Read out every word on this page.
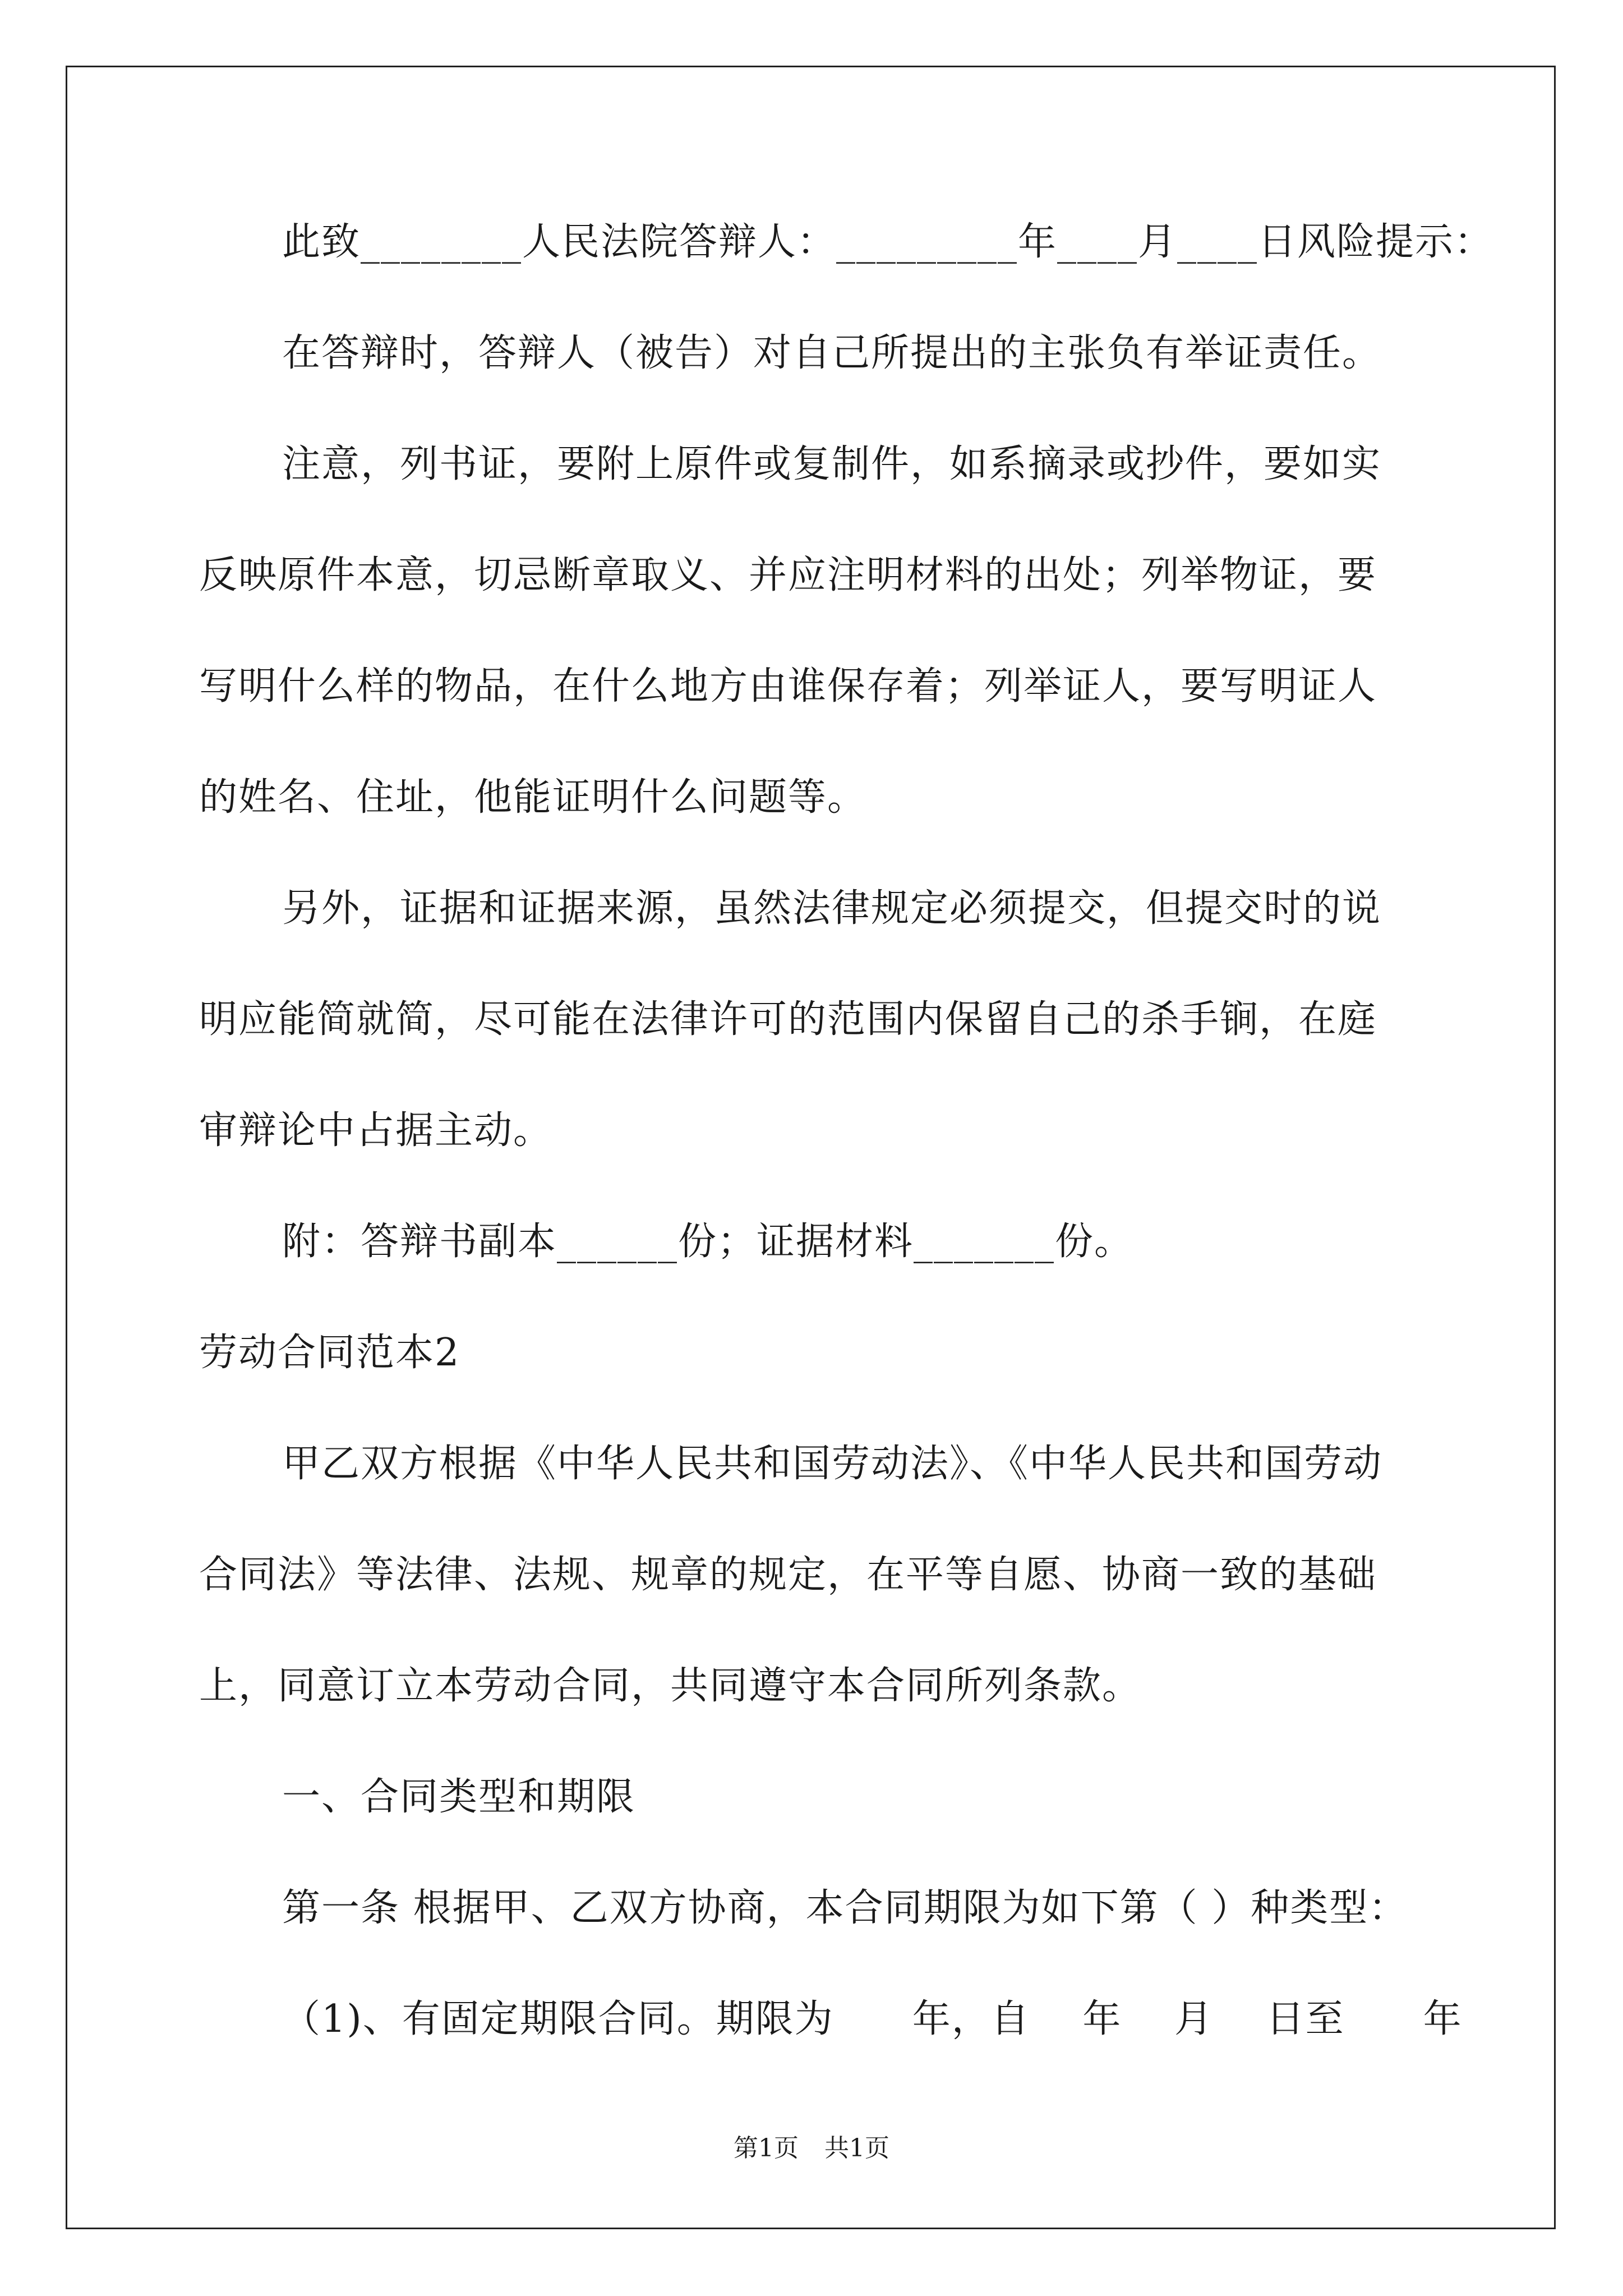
此致________人民法院答辩人：_________年____月____日风险提示：
在答辩时，答辩人（被告）对自己所提出的主张负有举证责任。
注意，列书证，要附上原件或复制件，如系摘录或抄件，要如实
反映原件本意，切忌断章取义、并应注明材料的出处；列举物证，要
写明什么样的物品，在什么地方由谁保存着；列举证人，要写明证人
的姓名、住址，他能证明什么问题等。
另外，证据和证据来源，虽然法律规定必须提交，但提交时的说
明应能简就简，尽可能在法律许可的范围内保留自己的杀手锏，在庭
审辩论中占据主动。
附：答辩书副本______份；证据材料_______份。
劳动合同范本2
甲乙双方根据《中华人民共和国劳动法》、《中华人民共和国劳动
合同法》等法律、法规、规章的规定，在平等自愿、协商一致的基础
上，同意订立本劳动合同，共同遵守本合同所列条款。
一、合同类型和期限
第一条 根据甲、乙双方协商，本合同期限为如下第（ ）种类型：
（1)、有固定期限合同。期限为　　年，自　 年　 月　 日至　　年
第1页 共1页
